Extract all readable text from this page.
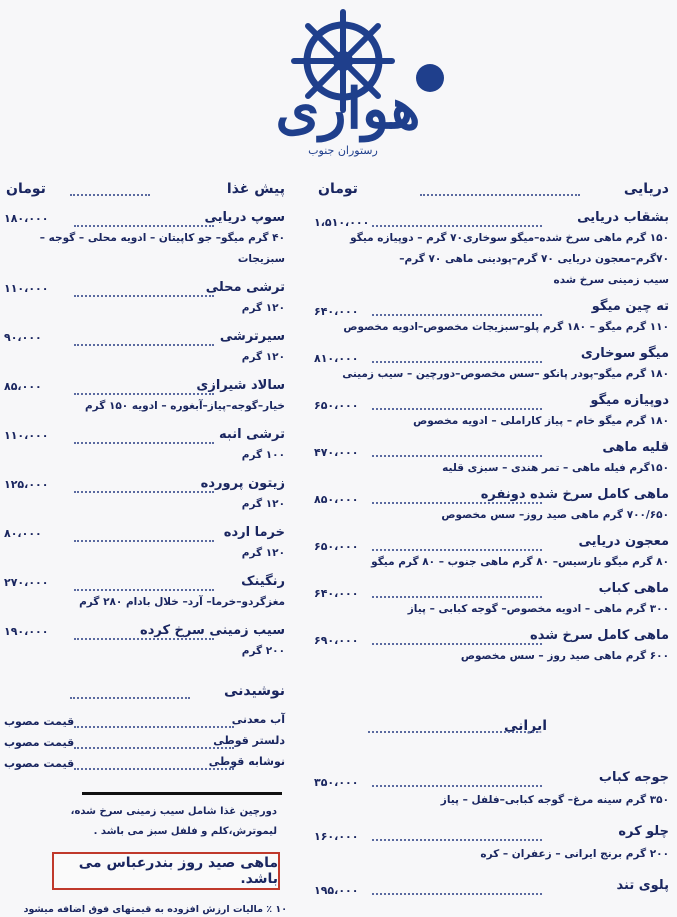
هواری
رستوران جنوب
دریایی
تومان
بشقاب دریایی
۱،۵۱۰،۰۰۰
۱۵۰ گرم ماهی سرخ شده–میگو سوخاری۷۰ گرم – دوپیازه میگو
۷۰گرم–معجون دریایی ۷۰ گرم–پودینی ماهی ۷۰ گرم–
سیب زمینی سرخ شده
ته چین میگو
۶۴۰،۰۰۰
۱۱۰ گرم میگو – ۱۸۰ گرم پلو–سبزیجات مخصوص–ادویه مخصوص
میگو سوخاری
۸۱۰،۰۰۰
۱۸۰ گرم میگو–پودر پانکو –سس مخصوص–دورچین – سیب زمینی
دوپیازه میگو
۶۵۰،۰۰۰
۱۸۰ گرم میگو خام – پیاز کاراملی – ادویه مخصوص
قلیه ماهی
۴۷۰،۰۰۰
۱۵۰گرم فیله ماهی – تمر هندی – سبزی قلیه
ماهی کامل سرخ شده دونفره
۸۵۰،۰۰۰
۷۰۰/۶۵۰ گرم ماهی صید روز– سس مخصوص
معجون دریایی
۶۵۰،۰۰۰
۸۰ گرم میگو نارسیس– ۸۰ گرم ماهی جنوب – ۸۰ گرم میگو
ماهی کباب
۶۴۰،۰۰۰
۳۰۰ گرم ماهی – ادویه مخصوص– گوجه کبابی – پیاز
ماهی کامل سرخ شده
۶۹۰،۰۰۰
۶۰۰ گرم ماهی صید روز – سس مخصوص
ایرانی
جوجه کباب
۳۵۰،۰۰۰
۳۵۰ گرم سینه مرغ– گوجه کبابی–فلفل – پیاز
چلو کره
۱۶۰،۰۰۰
۲۰۰ گرم برنج ایرانی – زعفران – کره
پلوی تند
۱۹۵،۰۰۰
پیش غذا
تومان
سوپ دریایی
۱۸۰،۰۰۰
۴۰ گرم میگو– جو کاپیتان – ادویه محلی – گوجه –
سبزیجات
ترشی محلی
۱۱۰،۰۰۰
۱۲۰ گرم
سیرترشی
۹۰،۰۰۰
۱۲۰ گرم
سالاد شیرازی
۸۵،۰۰۰
خیار–گوجه–پیاز–آبغوره – ادویه ۱۵۰ گرم
ترشی انبه
۱۱۰،۰۰۰
۱۰۰ گرم
زیتون پرورده
۱۲۵،۰۰۰
۱۲۰ گرم
خرما ارده
۸۰،۰۰۰
۱۲۰ گرم
رنگینک
۲۷۰،۰۰۰
مغزگردو–خرما– آرد– خلال بادام ۲۸۰ گرم
سیب زمینی سرخ کرده
۱۹۰،۰۰۰
۲۰۰ گرم
نوشیدنی
آب معدنی
قیمت مصوب
دلستر قوطی
قیمت مصوب
نوشابه قوطی
قیمت مصوب
دورچین غذا شامل سیب زمینی سرخ شده،
لیموترش،کلم و فلفل سبز می باشد .
ماهی صید روز بندرعباس می باشد.
۱۰ ٪ مالیات ارزش افزوده به قیمتهای فوق اضافه میشود
